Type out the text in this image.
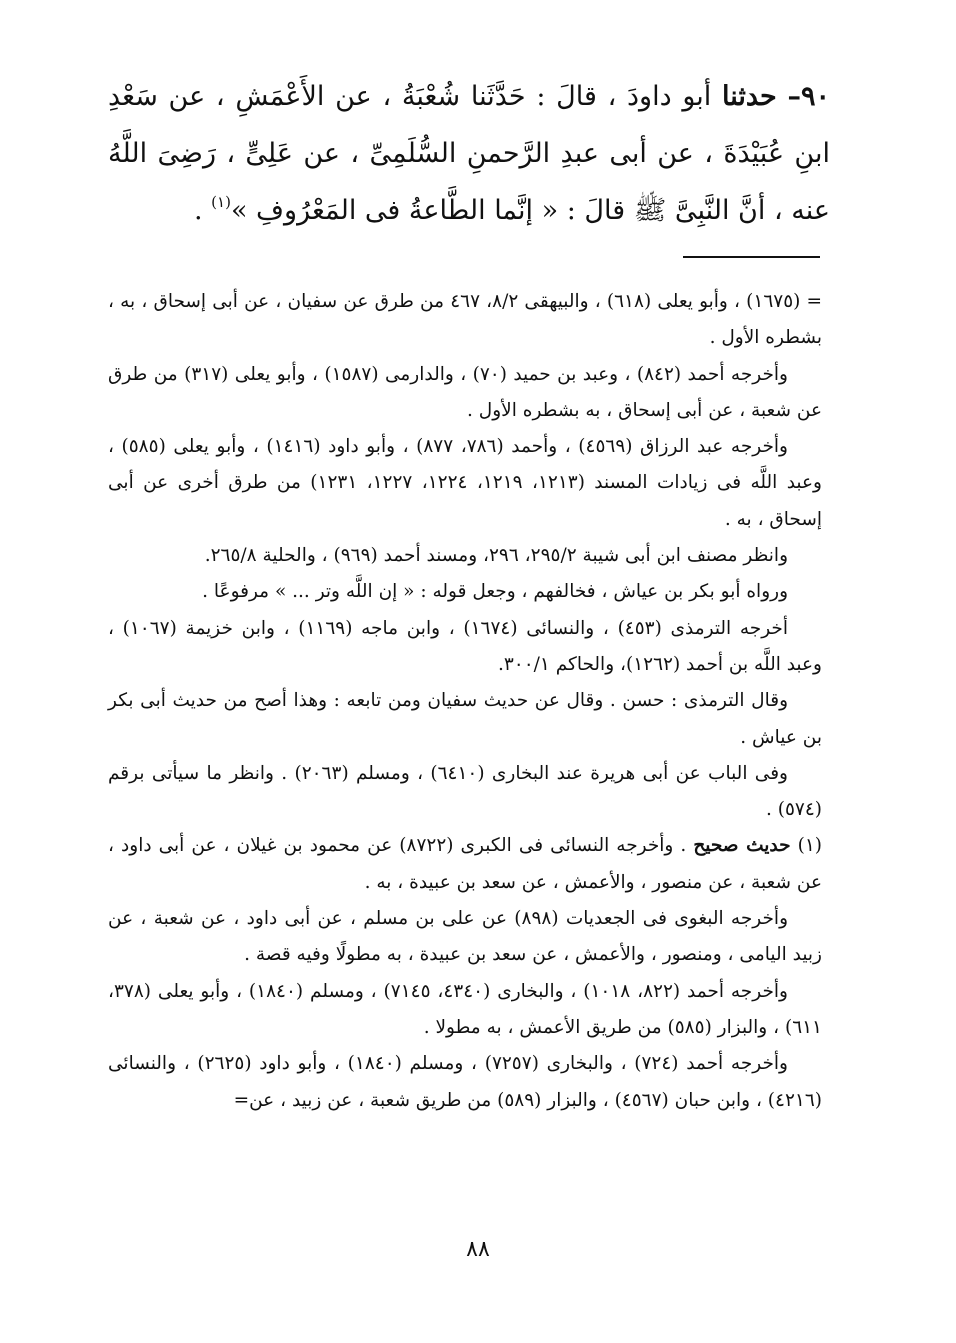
٩٠– حدثنا أبو داودَ ، قالَ : حَدَّثَنا شُعْبَةُ ، عن الأَعْمَشِ ، عن سَعْدِ ابنِ عُبَيْدَةَ ، عن أبى عبدِ الرَّحمنِ السُّلَمِىِّ ، عن عَلِىٍّ ، رَضِىَ اللَّهُ عنه ، أنَّ النَّبِىَّ ﷺ قالَ : « إنَّما الطَّاعةُ فى المَعْرُوفِ »$^{(١)}$ .

= (١٦٧٥) ، وأبو يعلى (٦١٨) ، والبيهقى ٨/٢، ٤٦٧ من طرق عن سفيان ، عن أبى إسحاق ، به ، بشطره الأول .

وأخرجه أحمد (٨٤٢) ، وعبد بن حميد (٧٠) ، والدارمى (١٥٨٧) ، وأبو يعلى (٣١٧) من طرق عن شعبة ، عن أبى إسحاق ، به بشطره الأول .

وأخرجه عبد الرزاق (٤٥٦٩) ، وأحمد (٧٨٦، ٨٧٧) ، وأبو داود (١٤١٦) ، وأبو يعلى (٥٨٥) ، وعبد اللَّه فى زيادات المسند (١٢١٣، ١٢١٩، ١٢٢٤، ١٢٢٧، ١٢٣١) من طرق أخرى عن أبى إسحاق ، به .

وانظر مصنف ابن أبى شيبة ٢٩٥/٢، ٢٩٦، ومسند أحمد (٩٦٩) ، والحلية ٢٦٥/٨.

ورواه أبو بكر بن عياش ، فخالفهم ، وجعل قوله : « إن اللَّه وتر ... » مرفوعًا .

أخرجه الترمذى (٤٥٣) ، والنسائى (١٦٧٤) ، وابن ماجه (١١٦٩) ، وابن خزيمة (١٠٦٧) ، وعبد اللَّه بن أحمد (١٢٦٢)، والحاكم ٣٠٠/١.

وقال الترمذى : حسن . وقال عن حديث سفيان ومن تابعه : وهذا أصح من حديث أبى بكر بن عياش .

وفى الباب عن أبى هريرة عند البخارى (٦٤١٠) ، ومسلم (٢٠٦٣) . وانظر ما سيأتى برقم (٥٧٤) .

(١) حديث صحيح . وأخرجه النسائى فى الكبرى (٨٧٢٢) عن محمود بن غيلان ، عن أبى داود ، عن شعبة ، عن منصور ، والأعمش ، عن سعد بن عبيدة ، به .

وأخرجه البغوى فى الجعديات (٨٩٨) عن على بن مسلم ، عن أبى داود ، عن شعبة ، عن زبيد اليامى ، ومنصور ، والأعمش ، عن سعد بن عبيدة ، به مطولًا وفيه قصة .

وأخرجه أحمد (٨٢٢، ١٠١٨) ، والبخارى (٤٣٤٠، ٧١٤٥) ، ومسلم (١٨٤٠) ، وأبو يعلى (٣٧٨، ٦١١) ، والبزار (٥٨٥) من طريق الأعمش ، به مطولا .

وأخرجه أحمد (٧٢٤) ، والبخارى (٧٢٥٧) ، ومسلم (١٨٤٠) ، وأبو داود (٢٦٢٥) ، والنسائى (٤٢١٦) ، وابن حبان (٤٥٦٧) ، والبزار (٥٨٩) من طريق شعبة ، عن زبيد ، عن=

٨٨
